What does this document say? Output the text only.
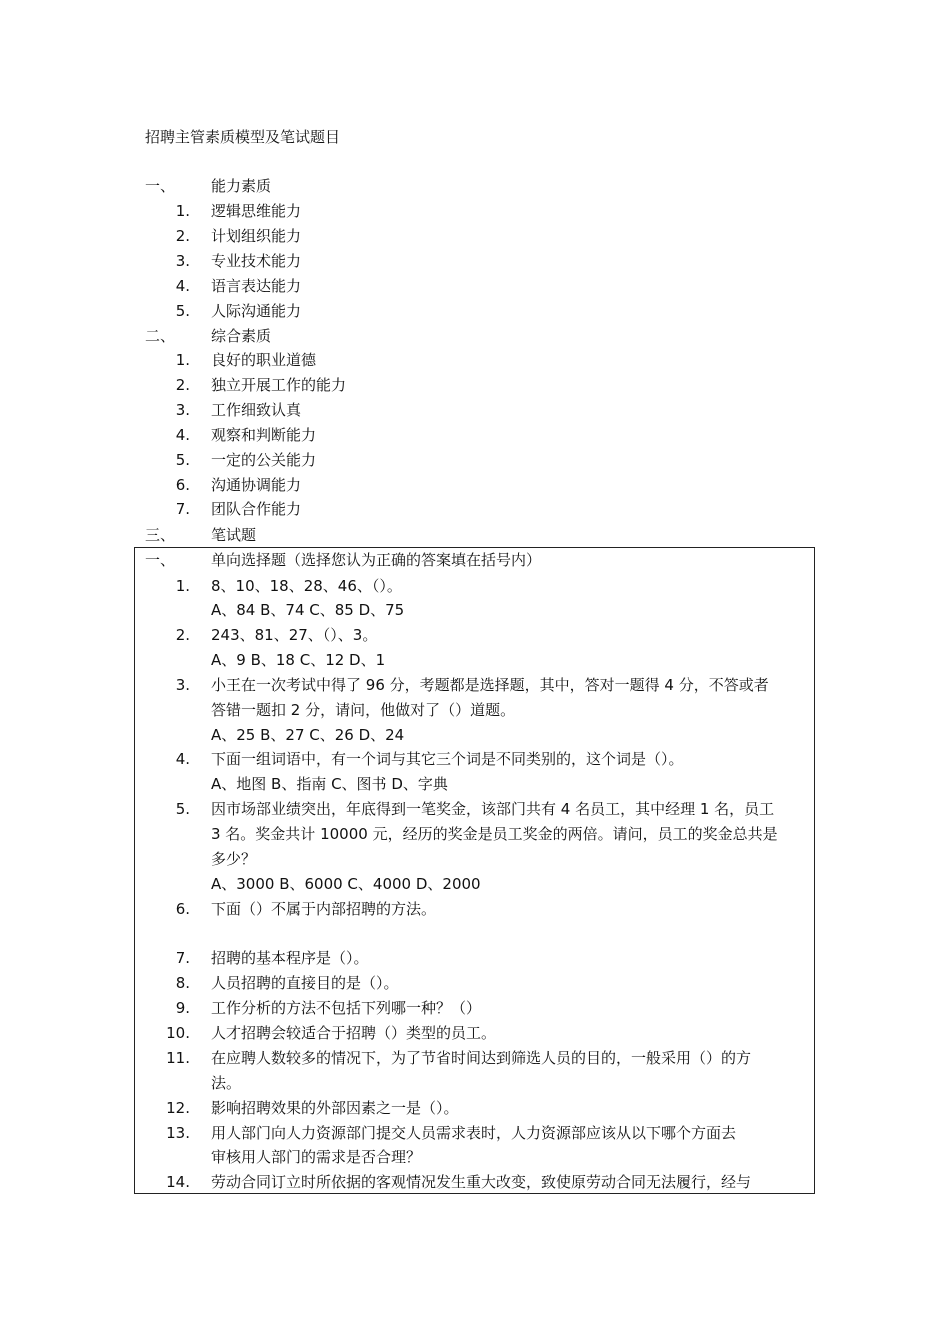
招聘主管素质模型及笔试题目
一、 能力素质
1. 逻辑思维能力
2. 计划组织能力
3. 专业技术能力
4. 语言表达能力
5. 人际沟通能力
二、 综合素质
1. 良好的职业道德
2. 独立开展工作的能力
3. 工作细致认真
4. 观察和判断能力
5. 一定的公关能力
6. 沟通协调能力
7. 团队合作能力
三、 笔试题
一、 单向选择题（选择您认为正确的答案填在括号内）
1. 8、10、18、28、46、（）。
A、84 B、74 C、85 D、75
2. 243、81、27、（）、3。
A、9 B、18 C、12 D、1
3. 小王在一次考试中得了 96 分，考题都是选择题，其中，答对一题得 4 分，不答或者
答错一题扣 2 分，请问，他做对了（）道题。
A、25 B、27 C、26 D、24
4. 下面一组词语中，有一个词与其它三个词是不同类别的，这个词是（）。
A、地图 B、指南 C、图书 D、字典
5. 因市场部业绩突出，年底得到一笔奖金，该部门共有 4 名员工，其中经理 1 名，员工
3 名。奖金共计 10000 元，经历的奖金是员工奖金的两倍。请问，员工的奖金总共是
多少？
A、3000 B、6000 C、4000 D、2000
6. 下面（）不属于内部招聘的方法。
7. 招聘的基本程序是（）。
8. 人员招聘的直接目的是（）。
9. 工作分析的方法不包括下列哪一种？（）
10. 人才招聘会较适合于招聘（）类型的员工。
11. 在应聘人数较多的情况下，为了节省时间达到筛选人员的目的，一般采用（）的方
法。
12. 影响招聘效果的外部因素之一是（）。
13. 用人部门向人力资源部门提交人员需求表时，人力资源部应该从以下哪个方面去
审核用人部门的需求是否合理？
14. 劳动合同订立时所依据的客观情况发生重大改变，致使原劳动合同无法履行，经与
